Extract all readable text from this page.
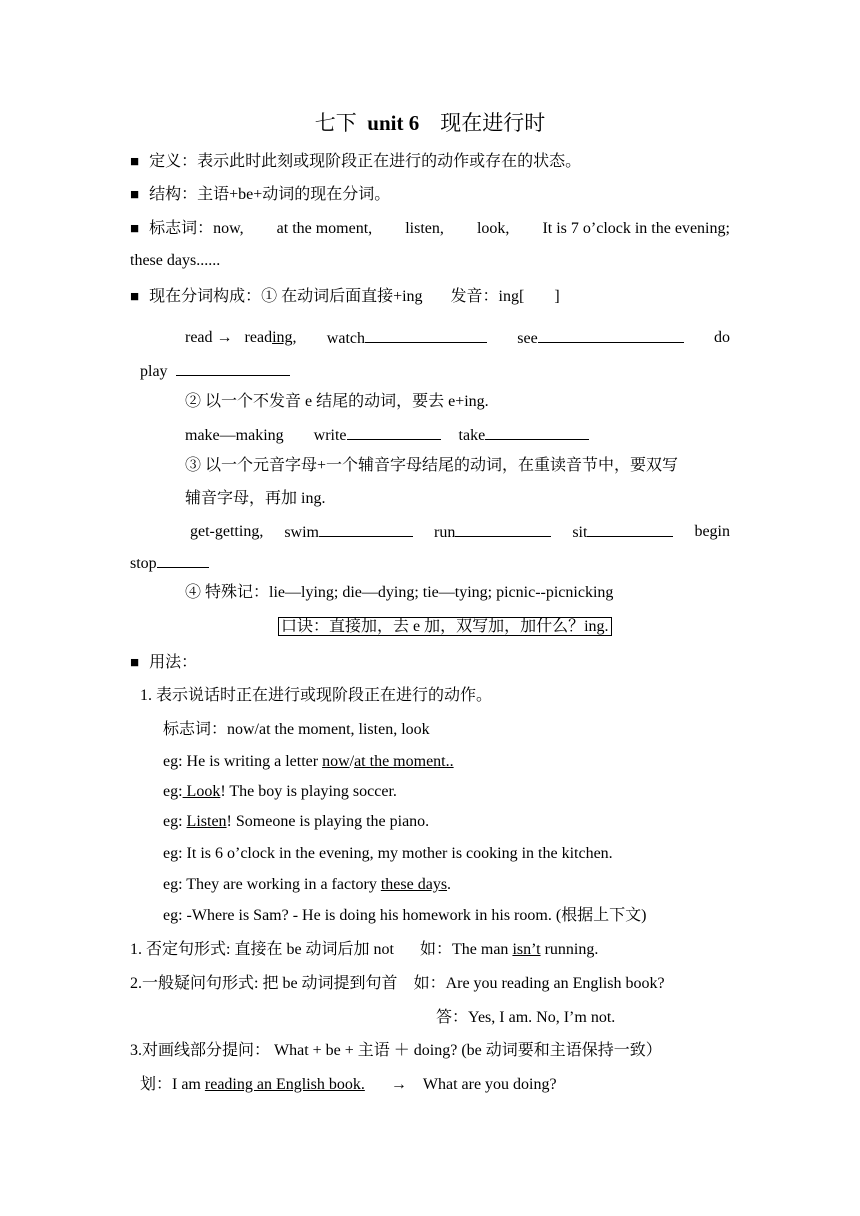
七下 unit 6 现在进行时
■ 定义：表示此时此刻或现阶段正在进行的动作或存在的状态。
■ 结构：主语+be+动词的现在分词。
■ 标志词：now, at the moment, listen, look, It is 7 o’clock in the evening;
these days......
■ 现在分词构成：① 在动词后面直接+ing 发音：ing[ ]
read → reading, watch	see	do
play
② 以一个不发音 e 结尾的动词，要去 e+ing.
make—making write	take
③ 以一个元音字母+一个辅音字母结尾的动词，在重读音节中，要双写
辅音字母，再加 ing.
get-getting, swim	run	sit	begin
stop
④ 特殊记：lie—lying; die—dying; tie—tying; picnic--picnicking
口诀：直接加，去 e 加，双写加，加什么？ing.
■ 用法：
1. 表示说话时正在进行或现阶段正在进行的动作。
标志词：now/at the moment, listen, look
eg: He is writing a letter now/at the moment..
eg: Look! The boy is playing soccer.
eg: Listen! Someone is playing the piano.
eg: It is 6 o’clock in the evening, my mother is cooking in the kitchen.
eg: They are working in a factory these days.
eg: -Where is Sam? - He is doing his homework in his room. (根据上下文)
1. 否定句形式: 直接在 be 动词后加 not 如：The man isn’t running.
2.一般疑问句形式: 把 be 动词提到句首 如：Are you reading an English book?
答：Yes, I am. No, I’m not.
3.对画线部分提问： What + be + 主语 ＋ doing? (be 动词要和主语保持一致）
划：I am reading an English book. → What are you doing?
